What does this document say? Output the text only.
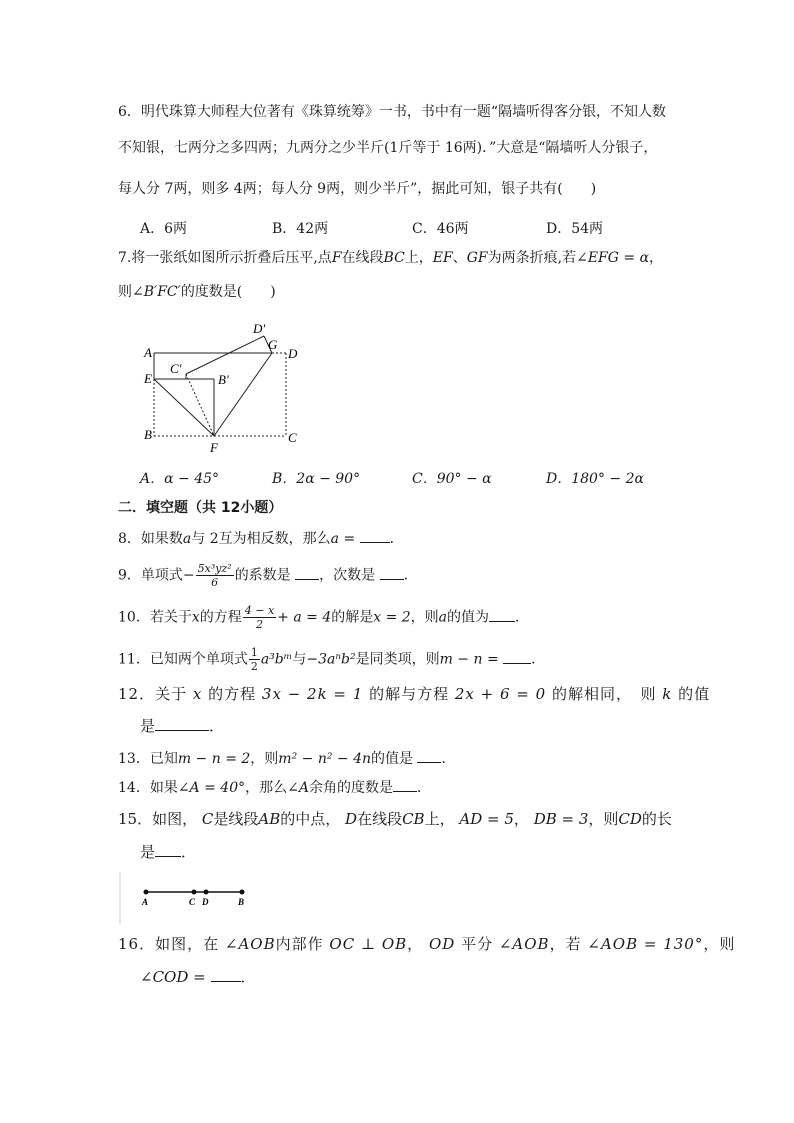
6．明代珠算大师程大位著有《珠算统筹》一书，书中有一题“隔墙听得客分银，不知人数
不知银，七两分之多四两；九两分之少半斤(1斤等于 16两)．”大意是“隔墙听人分银子，
每人分 7两，则多 4两；每人分 9两，则少半斤”，据此可知，银子共有(　　)
A．6两	B．42两	C．46两	D．54两
7.将一张纸如图所示折叠后压平,点F在线段BC上，EF、GF为两条折痕,若∠EFG = α，
则∠B′FC′的度数是(　　)
A
E
B
C′
B′
D′
G
D
C
F
A．α − 45°	B．2α − 90°	C．90° − α	D．180° − 2α
二．填空题（共 12小题）
8．如果数a与 2互为相反数，那么a = ．
9．单项式− $\frac{\text{5x³yz²}}{6}$ 的系数是 ，次数是 ．
10．若关于x的方程 $\frac{4 - x}{2} + a = 4$的解是x = 2，则a的值为 ．
11．已知两个单项式 $\frac{1}{2}$ a³bᵐ与−3aⁿb²是同类项，则m − n = ．
12．关于 x 的方程 3x − 2k = 1 的解与方程 2x + 6 = 0 的解相同，　则 k 的值
是	．
13．已知m − n = 2，则m² − n² − 4n的值是 ．
14．如果∠A = 40°，那么∠A余角的度数是 ．
15．如图， C是线段AB的中点， D在线段CB上， AD = 5， DB = 3，则CD的长
是 ．
A	C D	B
16．如图，在 ∠AOB内部作 OC ⊥ OB， OD 平分 ∠AOB，若 ∠AOB = 130°，则
∠COD = ．
